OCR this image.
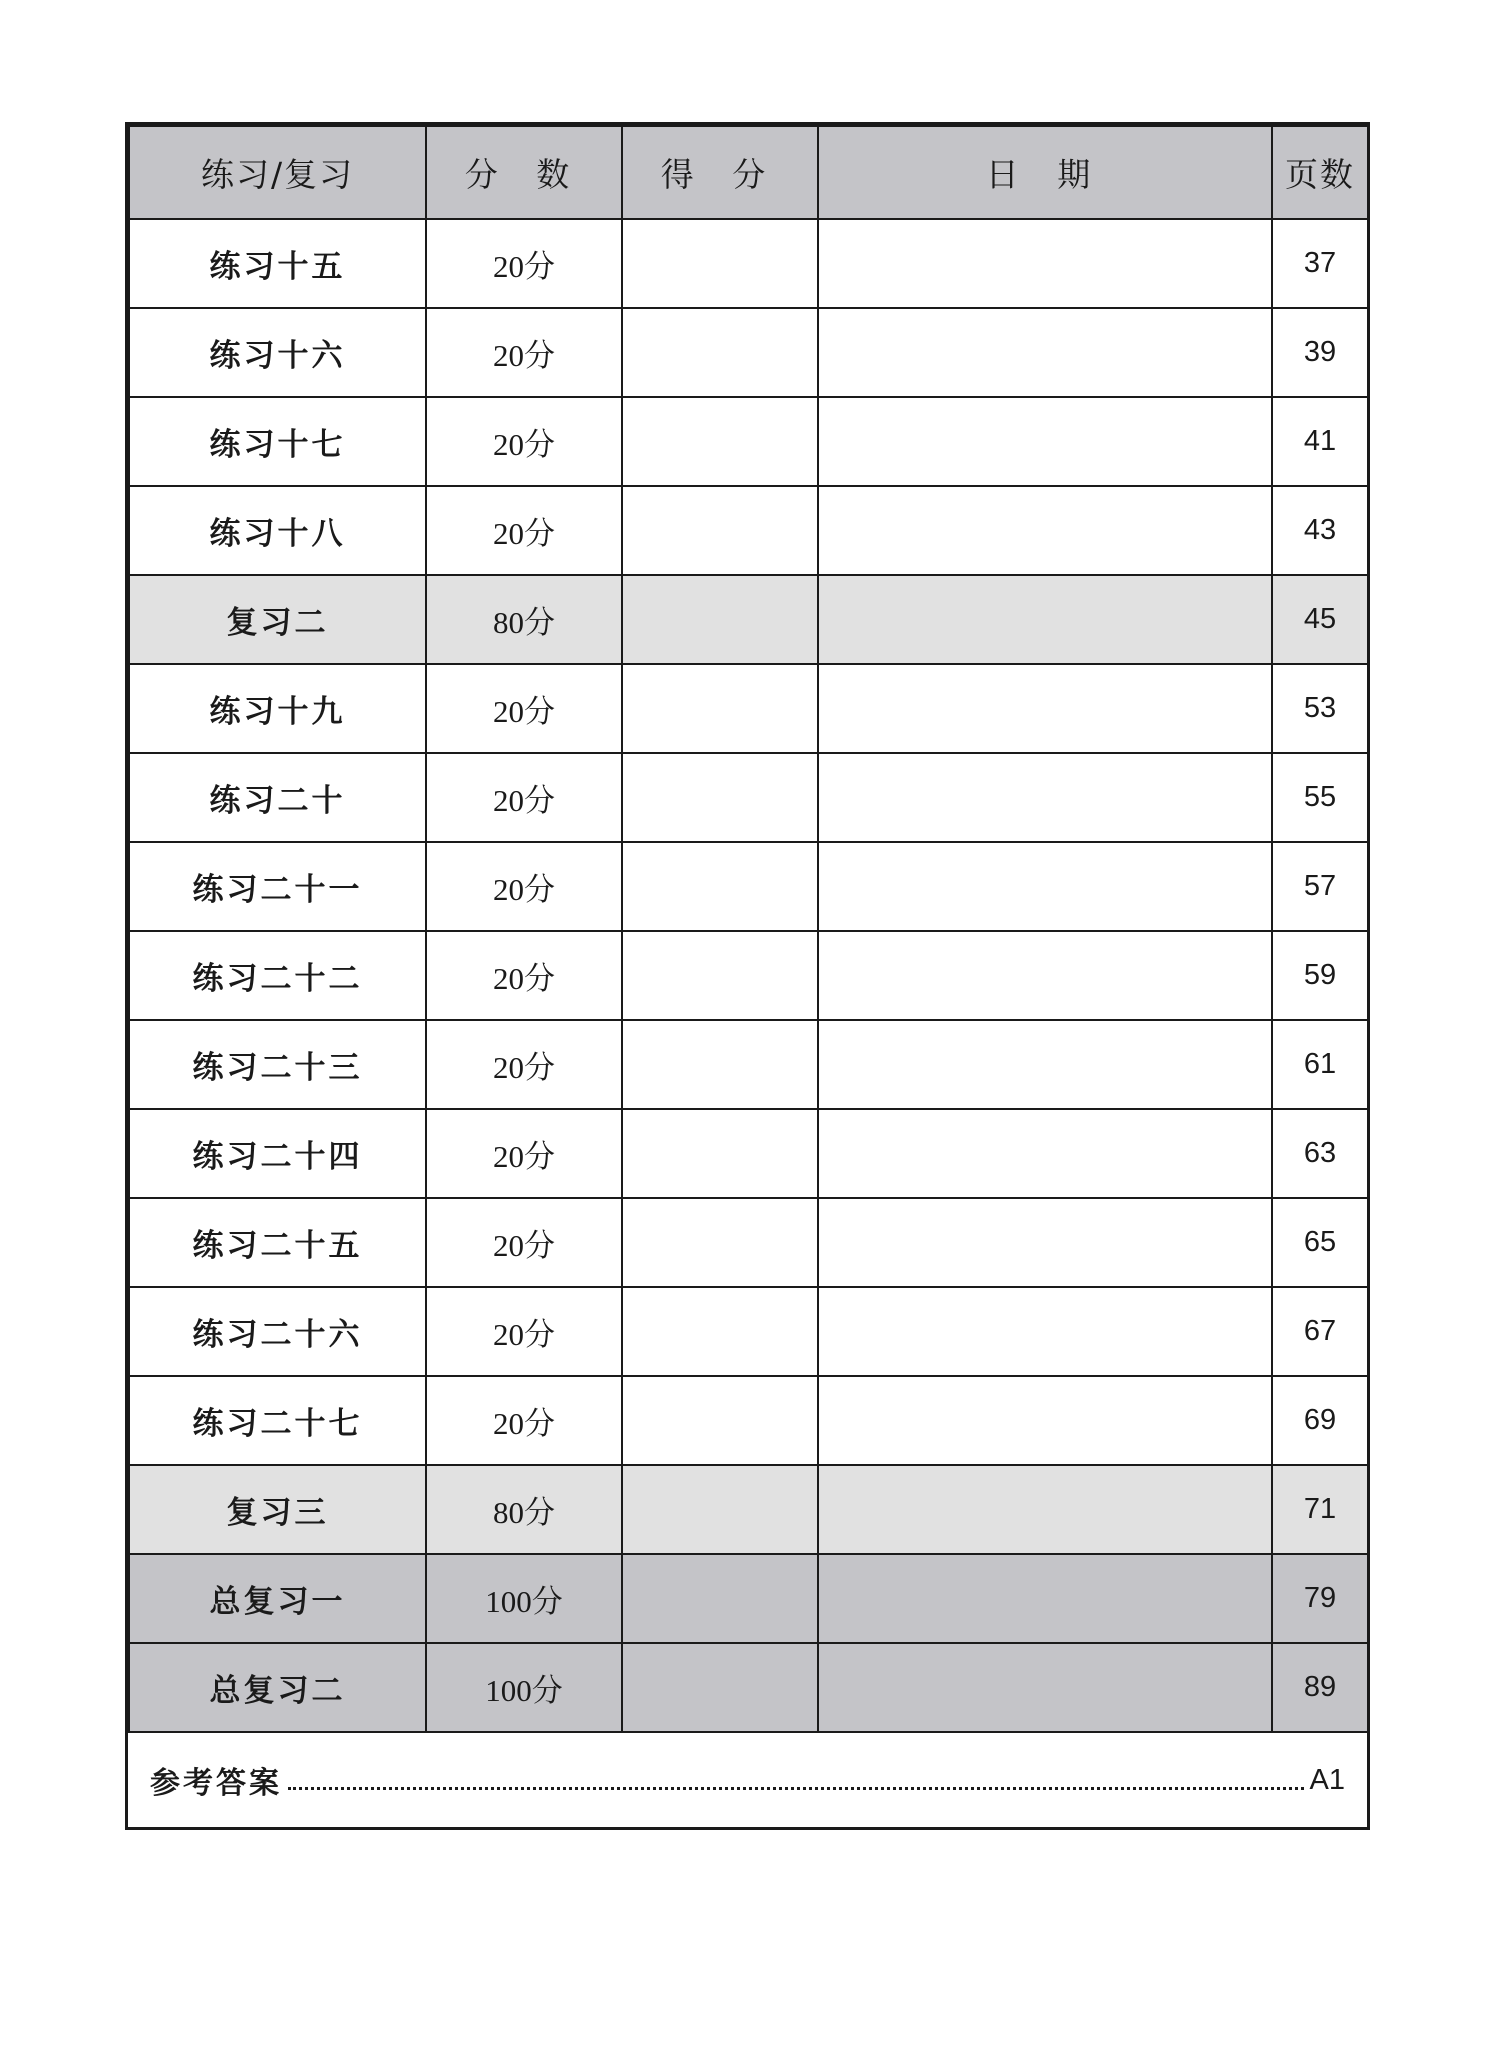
练习/复习	分 数	得 分	日 期	页数
练习十五	20分			37
练习十六	20分			39
练习十七	20分			41
练习十八	20分			43
复习二	80分			45
练习十九	20分			53
练习二十	20分			55
练习二十一	20分			57
练习二十二	20分			59
练习二十三	20分			61
练习二十四	20分			63
练习二十五	20分			65
练习二十六	20分			67
练习二十七	20分			69
复习三	80分			71
总复习一	100分			79
总复习二	100分			89
参考答案	A1
